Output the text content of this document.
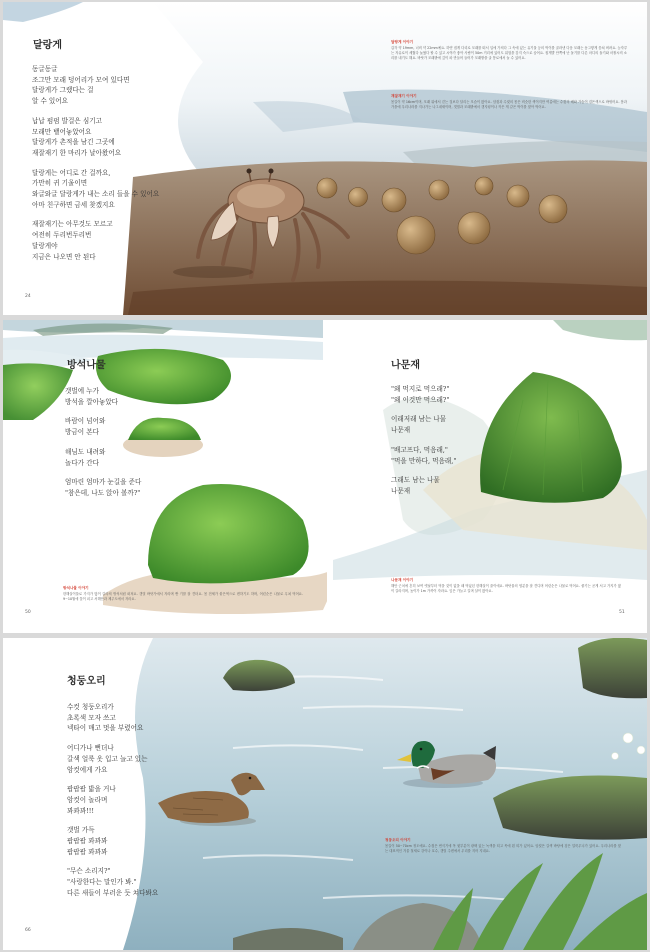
달랑게

동글동글

조그만 모래 덩어리가 모여 있다면

달랑게가 그랬다는 걸

알 수 있어요

납납 펌펌 발걸은 심기고

모래만 뱉어놓았어요

달랑게가 촌적을 남긴 그곳에

재잘재기 한 마리가 날아왔어요

달랑게는 어디로 간 걸까요,

가만히 귀 기울이면

와글와글 달랑게가 내는 소리 들을 수 있어요

아마 친구하면 금세 찾겠지요

재잘재기는 아무것도 모르고

여전히 두리번두리번

달랑게야

지금은 나오면 안 된다

달랑게 이야기
갑각 약 19mm, 너비 약 22mm예요. 하얀 집게 다리로 모래를 떠서 입에 가져다 그 속에 있는 유기물 등의 먹이를 골라낸 다음 모래는 동그랗게 뭉쳐 버려요. 눈자루는 자유로이 세웠다 눕혔다 할 수 있고 시야가 좋아 사람이 50m 거리에 있어도 위험을 감지 숙으로 숨어요. 집게발 안쪽에 난 돌기를 다른 마디의 돌기와 마찰시켜 소리를 내기도 해요. 바닷가 모래밭에 깊이 파 만들어 들어가 모래밭을 굴 통로에서 놀 수 있어요.
재잘재기 이야기
몸길이 약 16cm이며, 모래 위에서 걷는 것보다 달리는 모습이 많아요. 암컷과 수컷의 몸은 비슷한 색이지만 여름에는 수컷의 배와 가슴이 검은색으로 바뀌어요. 봄과 가을에 우리나라를 지나가는 나그네새이며, 갯벌과 모래밭에서 갯지렁이나 작은 게 같은 먹이를 찾아 먹어요.
24
방석나물

갯벌에 누가

방석을 깔아놓았다

바람이 넘어와

방금이 본다

해님도 내려와

놀다가 간다

엄마린 엄마가 눈길을 준다

"참은데, 나도 앉아 볼까?"

방석나물 이야기
한해살이풀로 가지가 많이 갈라져 방석처럼 퍼져요. 갯벌 바닷가에서 자라며 짠 기를 잘 견뎌요. 몸 전체가 붉은색으로 변하기도 하며, 어린순은 나물로 무쳐 먹어요. 9~10월에 꽃이 피고 서해안과 제주도에서 자라요.
50
나문재

"왜 먹지로 먹으래?"

"왜 이것만 먹으래?"

이래저래 남는 나물

나문재

"배고프다, 먹음래,"

"먹을 만하다, 먹음래,"

그래도 남는 나물

나문재

나문재 이야기
해안 근처에 흔히 보여 옛날부터 먹을 것이 없을 때 먹었던 한해살이 풀이에요. 바닷물의 염분을 잘 견디며 어린순은 나물로 먹어요. 줄기는 곧게 서고 가지가 많이 갈라지며, 높이가 1m 가까이 자라요. 잎은 가늘고 길며 살이 많아요.
51
청둥오리

수컷 청둥오리가

초록색 모자 쓰고

넥타이 매고 멋을 부렸어요

어디가나 뻔더나

갈색 얼룩 옷 입고 늘고 있는

암컷에게 가요

팝팝팝 밟을 거나

암컷이 놀라며

꽈꽈꽈!!!

갯벌 가득

팝팝팝 꽈꽈꽈

팝팝팝 꽈꽈꽈

"무슨 소리지?"

"사랑한다는 말인가 봐."

다른 새들이 부러운 듯 쳐다봐요

청둥오리 이야기
몸길이 50~70cm 정도예요. 수컷은 번식기에 목 윗부분이 광택 있는 녹색을 띠고 목에 흰 띠가 있어요. 암컷은 갈색 바탕에 검은 얼룩무늬가 있어요. 우리나라를 찾는 대표적인 겨울 철새로 강이나 호수, 갯벌 주변에서 무리를 지어 지내요.
66
